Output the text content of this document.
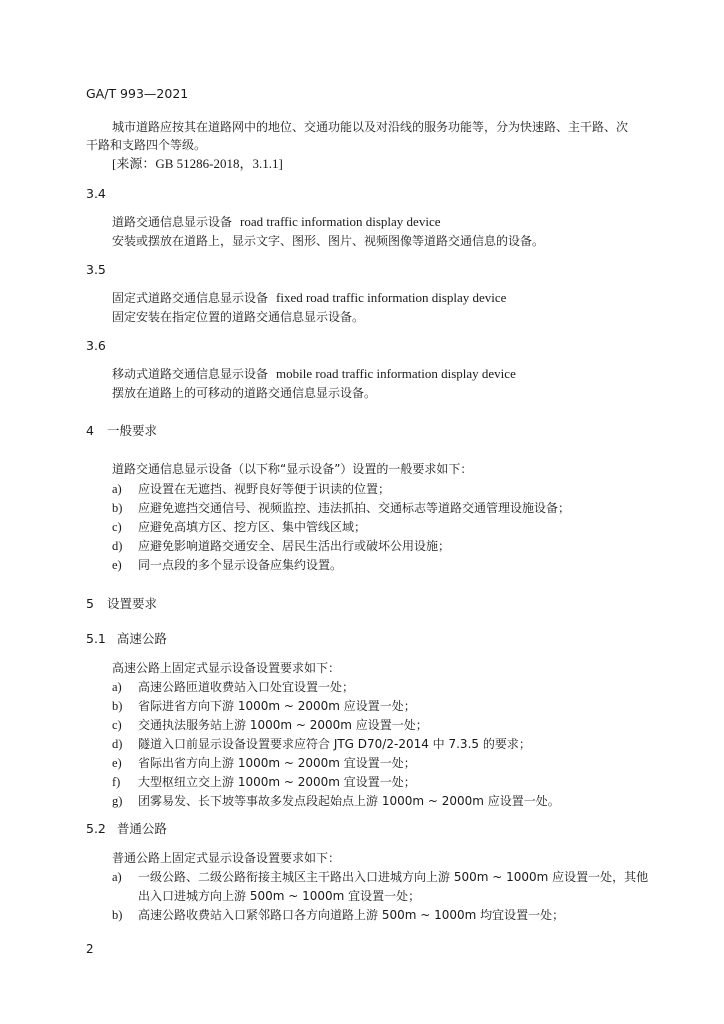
GA/T 993—2021
城市道路应按其在道路网中的地位、交通功能以及对沿线的服务功能等，分为快速路、主干路、次
干路和支路四个等级。
[来源：GB 51286-2018，3.1.1]
3.4
道路交通信息显示设备 road traffic information display device
安装或摆放在道路上，显示文字、图形、图片、视频图像等道路交通信息的设备。
3.5
固定式道路交通信息显示设备 fixed road traffic information display device
固定安装在指定位置的道路交通信息显示设备。
3.6
移动式道路交通信息显示设备 mobile road traffic information display device
摆放在道路上的可移动的道路交通信息显示设备。
4 一般要求
道路交通信息显示设备（以下称“显示设备”）设置的一般要求如下：
a) 应设置在无遮挡、视野良好等便于识读的位置；
b) 应避免遮挡交通信号、视频监控、违法抓拍、交通标志等道路交通管理设施设备；
c) 应避免高填方区、挖方区、集中管线区域；
d) 应避免影响道路交通安全、居民生活出行或破坏公用设施；
e) 同一点段的多个显示设备应集约设置。
5 设置要求
5.1 高速公路
高速公路上固定式显示设备设置要求如下：
a) 高速公路匝道收费站入口处宜设置一处；
b) 省际进省方向下游 1000m ~ 2000m 应设置一处；
c) 交通执法服务站上游 1000m ~ 2000m 应设置一处；
d) 隧道入口前显示设备设置要求应符合 JTG D70/2-2014 中 7.3.5 的要求；
e) 省际出省方向上游 1000m ~ 2000m 宜设置一处；
f) 大型枢纽立交上游 1000m ~ 2000m 宜设置一处；
g) 团雾易发、长下坡等事故多发点段起始点上游 1000m ~ 2000m 应设置一处。
5.2 普通公路
普通公路上固定式显示设备设置要求如下：
a) 一级公路、二级公路衔接主城区主干路出入口进城方向上游 500m ~ 1000m 应设置一处，其他
出入口进城方向上游 500m ~ 1000m 宜设置一处；
b) 高速公路收费站入口紧邻路口各方向道路上游 500m ~ 1000m 均宜设置一处；
2
